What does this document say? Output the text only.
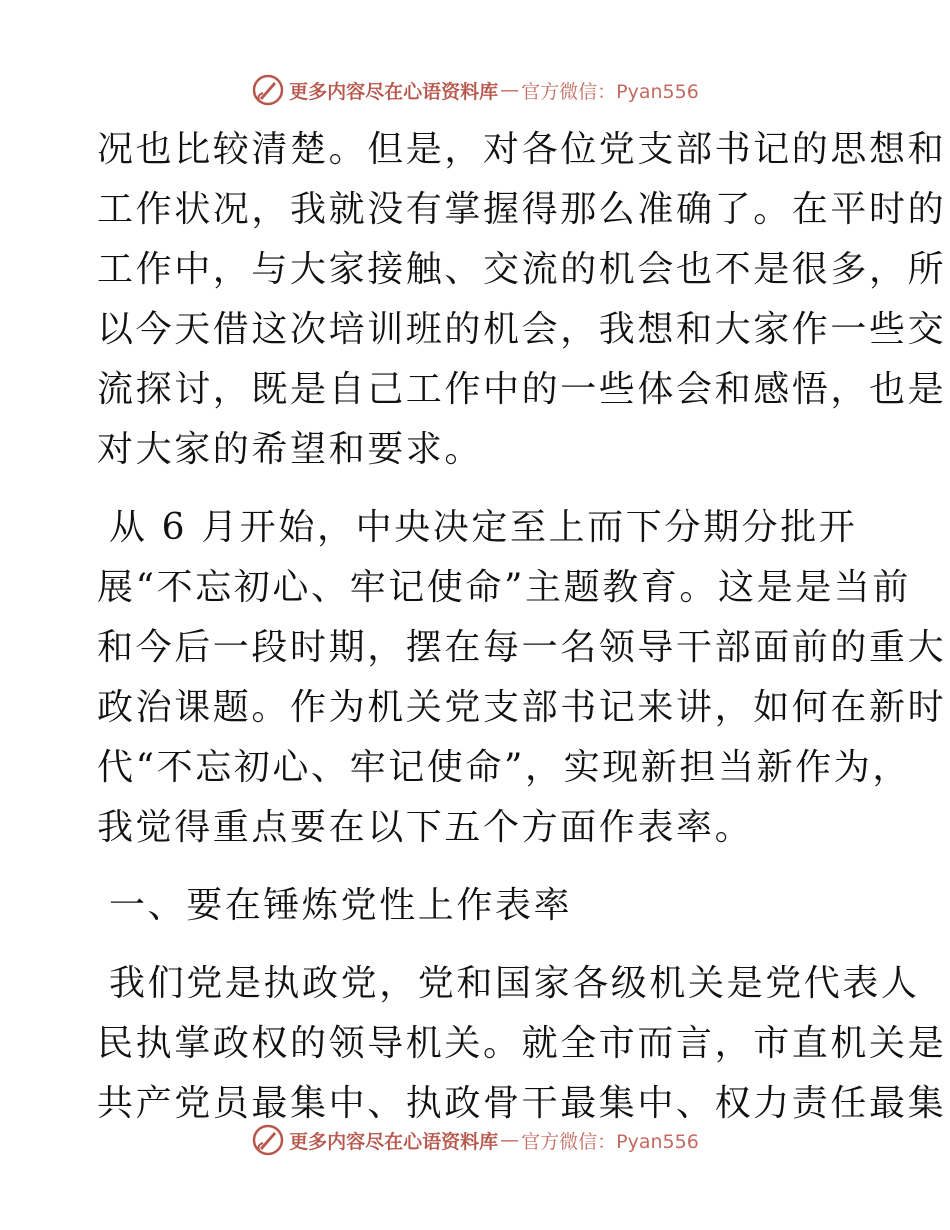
更多内容尽在心语资料库 — 官方微信：Pyan556
况也比较清楚。但是，对各位党支部书记的思想和
工作状况，我就没有掌握得那么准确了。在平时的
工作中，与大家接触、交流的机会也不是很多，所
以今天借这次培训班的机会，我想和大家作一些交
流探讨，既是自己工作中的一些体会和感悟，也是
对大家的希望和要求。
从 6 月开始，中央决定至上而下分期分批开
展“不忘初心、牢记使命”主题教育。这是是当前
和今后一段时期，摆在每一名领导干部面前的重大
政治课题。作为机关党支部书记来讲，如何在新时
代“不忘初心、牢记使命”，实现新担当新作为，
我觉得重点要在以下五个方面作表率。
一、要在锤炼党性上作表率
我们党是执政党，党和国家各级机关是党代表人
民执掌政权的领导机关。就全市而言，市直机关是
共产党员最集中、执政骨干最集中、权力责任最集
更多内容尽在心语资料库 — 官方微信：Pyan556
